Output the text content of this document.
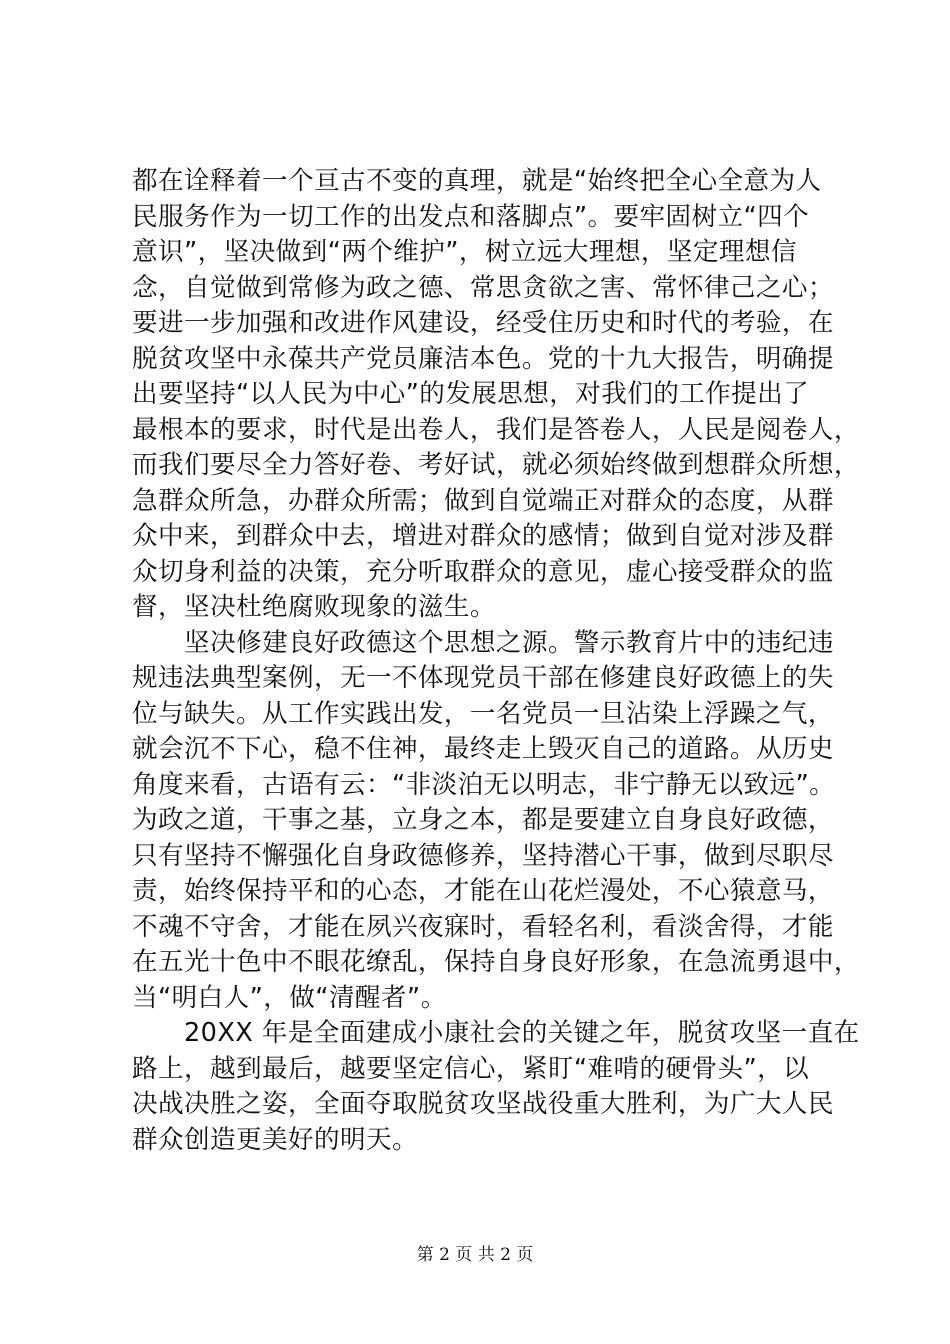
都在诠释着一个亘古不变的真理，就是“始终把全心全意为人
民服务作为一切工作的出发点和落脚点”。要牢固树立“四个
意识”，坚决做到“两个维护”，树立远大理想，坚定理想信
念，自觉做到常修为政之德、常思贪欲之害、常怀律己之心；
要进一步加强和改进作风建设，经受住历史和时代的考验，在
脱贫攻坚中永葆共产党员廉洁本色。党的十九大报告，明确提
出要坚持“以人民为中心”的发展思想，对我们的工作提出了
最根本的要求，时代是出卷人，我们是答卷人，人民是阅卷人，
而我们要尽全力答好卷、考好试，就必须始终做到想群众所想，
急群众所急，办群众所需；做到自觉端正对群众的态度，从群
众中来，到群众中去，增进对群众的感情；做到自觉对涉及群
众切身利益的决策，充分听取群众的意见，虚心接受群众的监
督，坚决杜绝腐败现象的滋生。
　　坚决修建良好政德这个思想之源。警示教育片中的违纪违
规违法典型案例，无一不体现党员干部在修建良好政德上的失
位与缺失。从工作实践出发，一名党员一旦沾染上浮躁之气，
就会沉不下心，稳不住神，最终走上毁灭自己的道路。从历史
角度来看，古语有云：“非淡泊无以明志，非宁静无以致远”。
为政之道，干事之基，立身之本，都是要建立自身良好政德，
只有坚持不懈强化自身政德修养，坚持潜心干事，做到尽职尽
责，始终保持平和的心态，才能在山花烂漫处，不心猿意马，
不魂不守舍，才能在夙兴夜寐时，看轻名利，看淡舍得，才能
在五光十色中不眼花缭乱，保持自身良好形象，在急流勇退中，
当“明白人”，做“清醒者”。
　　20XX 年是全面建成小康社会的关键之年，脱贫攻坚一直在
路上，越到最后，越要坚定信心，紧盯“难啃的硬骨头”，以
决战决胜之姿，全面夺取脱贫攻坚战役重大胜利，为广大人民
群众创造更美好的明天。
第 2 页 共 2 页
